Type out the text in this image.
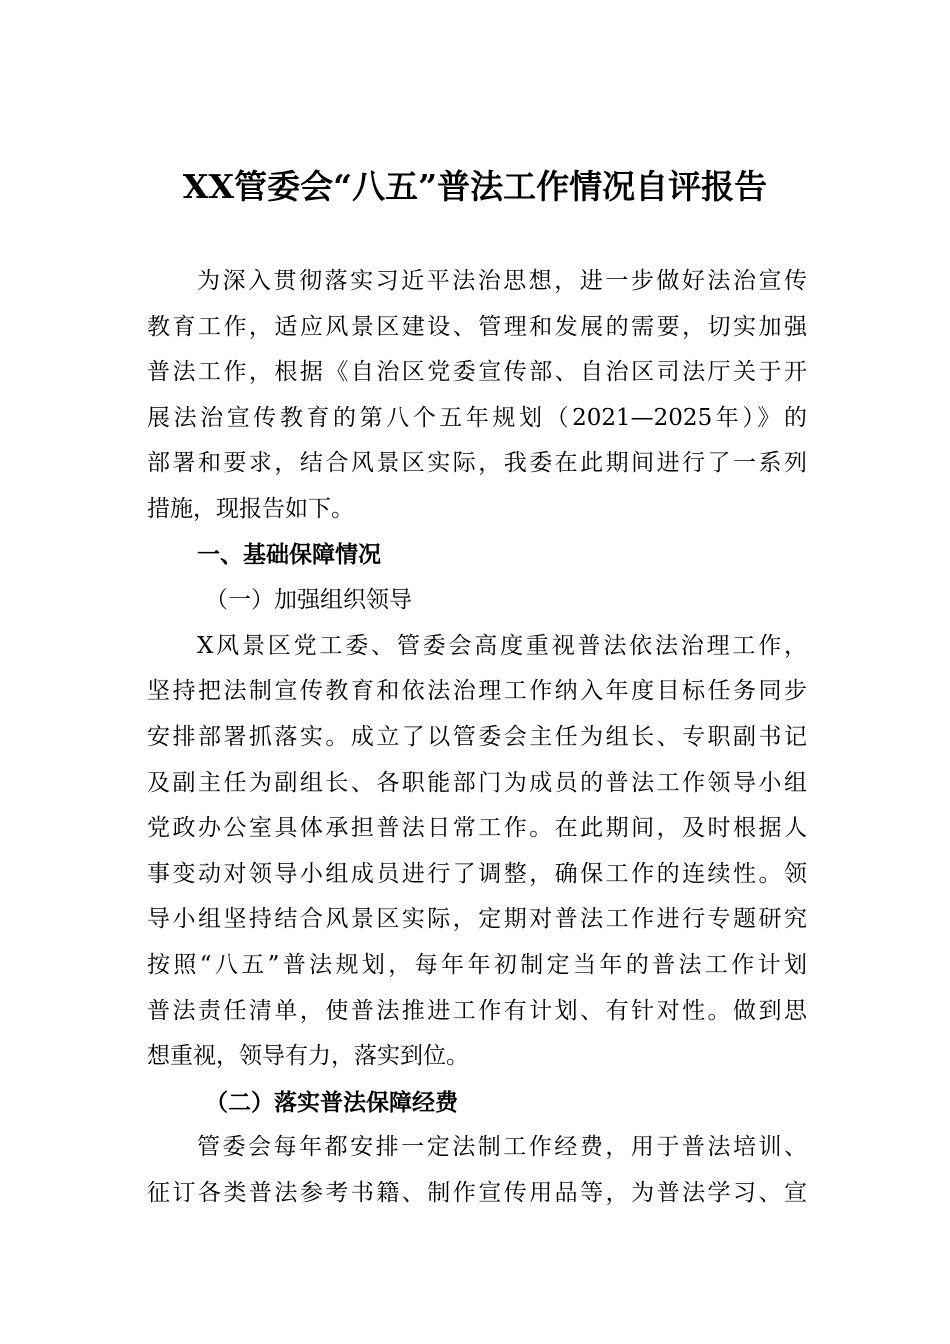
XX管委会“八五”普法工作情况自评报告
为深入贯彻落实习近平法治思想，进一步做好法治宣传
教育工作，适应风景区建设、管理和发展的需要，切实加强
普法工作，根据《自治区党委宣传部、自治区司法厅关于开
展法治宣传教育的第八个五年规划（2021—2025年）》的
部署和要求，结合风景区实际，我委在此期间进行了一系列
措施，现报告如下。
一、基础保障情况
（一）加强组织领导
X风景区党工委、管委会高度重视普法依法治理工作，
坚持把法制宣传教育和依法治理工作纳入年度目标任务同步
安排部署抓落实。成立了以管委会主任为组长、专职副书记
及副主任为副组长、各职能部门为成员的普法工作领导小组
党政办公室具体承担普法日常工作。在此期间，及时根据人
事变动对领导小组成员进行了调整，确保工作的连续性。领
导小组坚持结合风景区实际，定期对普法工作进行专题研究
按照“八五”普法规划，每年年初制定当年的普法工作计划
普法责任清单，使普法推进工作有计划、有针对性。做到思
想重视，领导有力，落实到位。
（二）落实普法保障经费
管委会每年都安排一定法制工作经费，用于普法培训、
征订各类普法参考书籍、制作宣传用品等，为普法学习、宣
